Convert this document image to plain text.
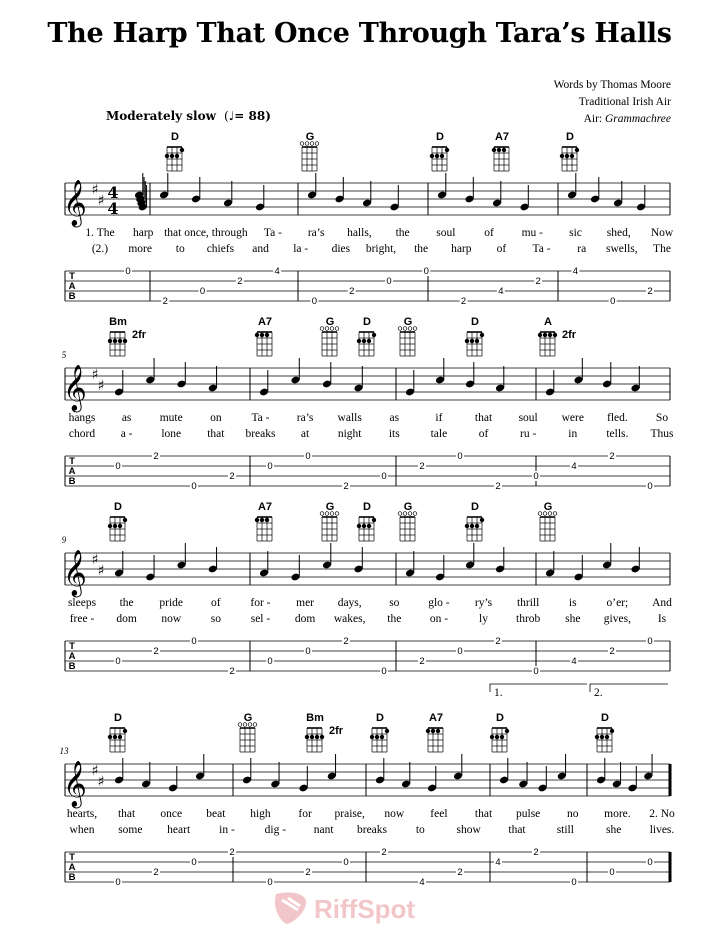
The Harp That Once Through Tara’s Halls
Words by Thomas Moore
Traditional Irish Air
Air: Grammachree
Moderately slow  (♩= 88)
𝄞 ♯
♯ 4
4
D	G	D	A7	D
1. The harp that once, through Ta - ra’s halls, the soul	of mu - sic shed, Now
(2.) more to chiefs and la - dies bright, the harp of Ta - ra swells, The
T
A
B
0
2
0
2
4
0
2
0
0
2
4
2
4
0
2
𝄞 ♯
♯
5
Bm
2fr
A7	G	D	G	D	A
2fr
hangs as mute on	Ta - ra’s walls as	if	that soul were fled. So
chord a -	lone that breaks at night its	tale	of	ru -	in	tells. Thus
T
A
B
0
2
0
2
0
0
2
0
2
0
2
0
4
2
0
𝄞 ♯
♯
9
D	A7	G	D	G	D	G
sleeps the pride of	for - mer days, so	glo - ry’s thrill	is	o’er; And
free - dom now	so	sel - dom wakes, the on -	ly throb she gives, Is
T
A
B	0
2
0
2
0
0
2
0
2
0
2
0
4
2
0
𝄞 ♯
♯
13
D	G	Bm
2fr
D	A7	D	D
1.	2.
hearts, that once beat high for praise, now feel that pulse no more. 2. No
when some heart	in -	dig - nant breaks	to	show that	still	she lives.
T
A
B	0
2
0
2
0
2
0
2
4
2
4
2
0
0
0
RiffSpot
